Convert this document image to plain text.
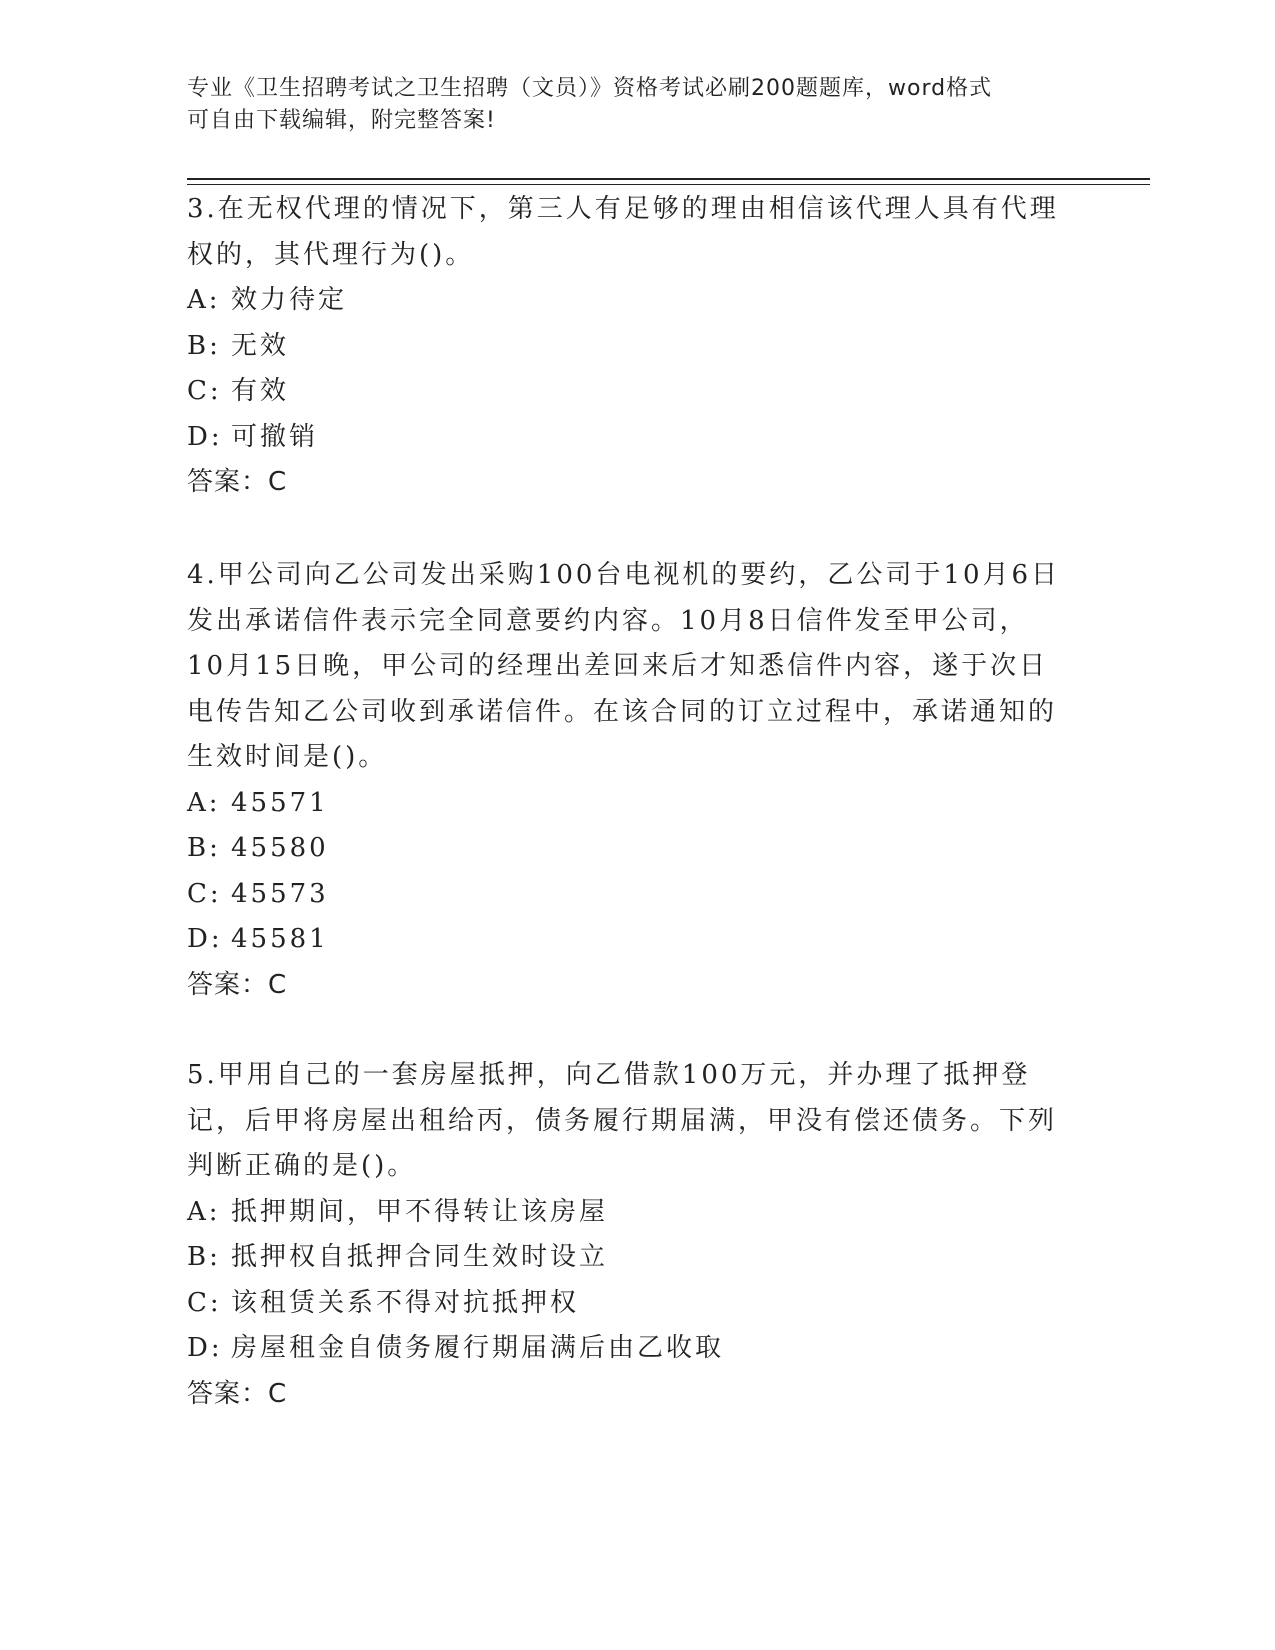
专业《卫生招聘考试之卫生招聘（文员）》资格考试必刷200题题库，word格式
可自由下载编辑，附完整答案!

3.在无权代理的情况下，第三人有足够的理由相信该代理人具有代理权的，其代理行为()。

A: 效力待定

B: 无效

C: 有效

D: 可撤销

答案：C

4.甲公司向乙公司发出采购100台电视机的要约，乙公司于10月6日发出承诺信件表示完全同意要约内容。10月8日信件发至甲公司，10月15日晚，甲公司的经理出差回来后才知悉信件内容，遂于次日电传告知乙公司收到承诺信件。在该合同的订立过程中，承诺通知的生效时间是()。

A: 45571

B: 45580

C: 45573

D: 45581

答案：C

5.甲用自己的一套房屋抵押，向乙借款100万元，并办理了抵押登记，后甲将房屋出租给丙，债务履行期届满，甲没有偿还债务。下列判断正确的是()。

A: 抵押期间，甲不得转让该房屋

B: 抵押权自抵押合同生效时设立

C: 该租赁关系不得对抗抵押权

D: 房屋租金自债务履行期届满后由乙收取

答案：C
